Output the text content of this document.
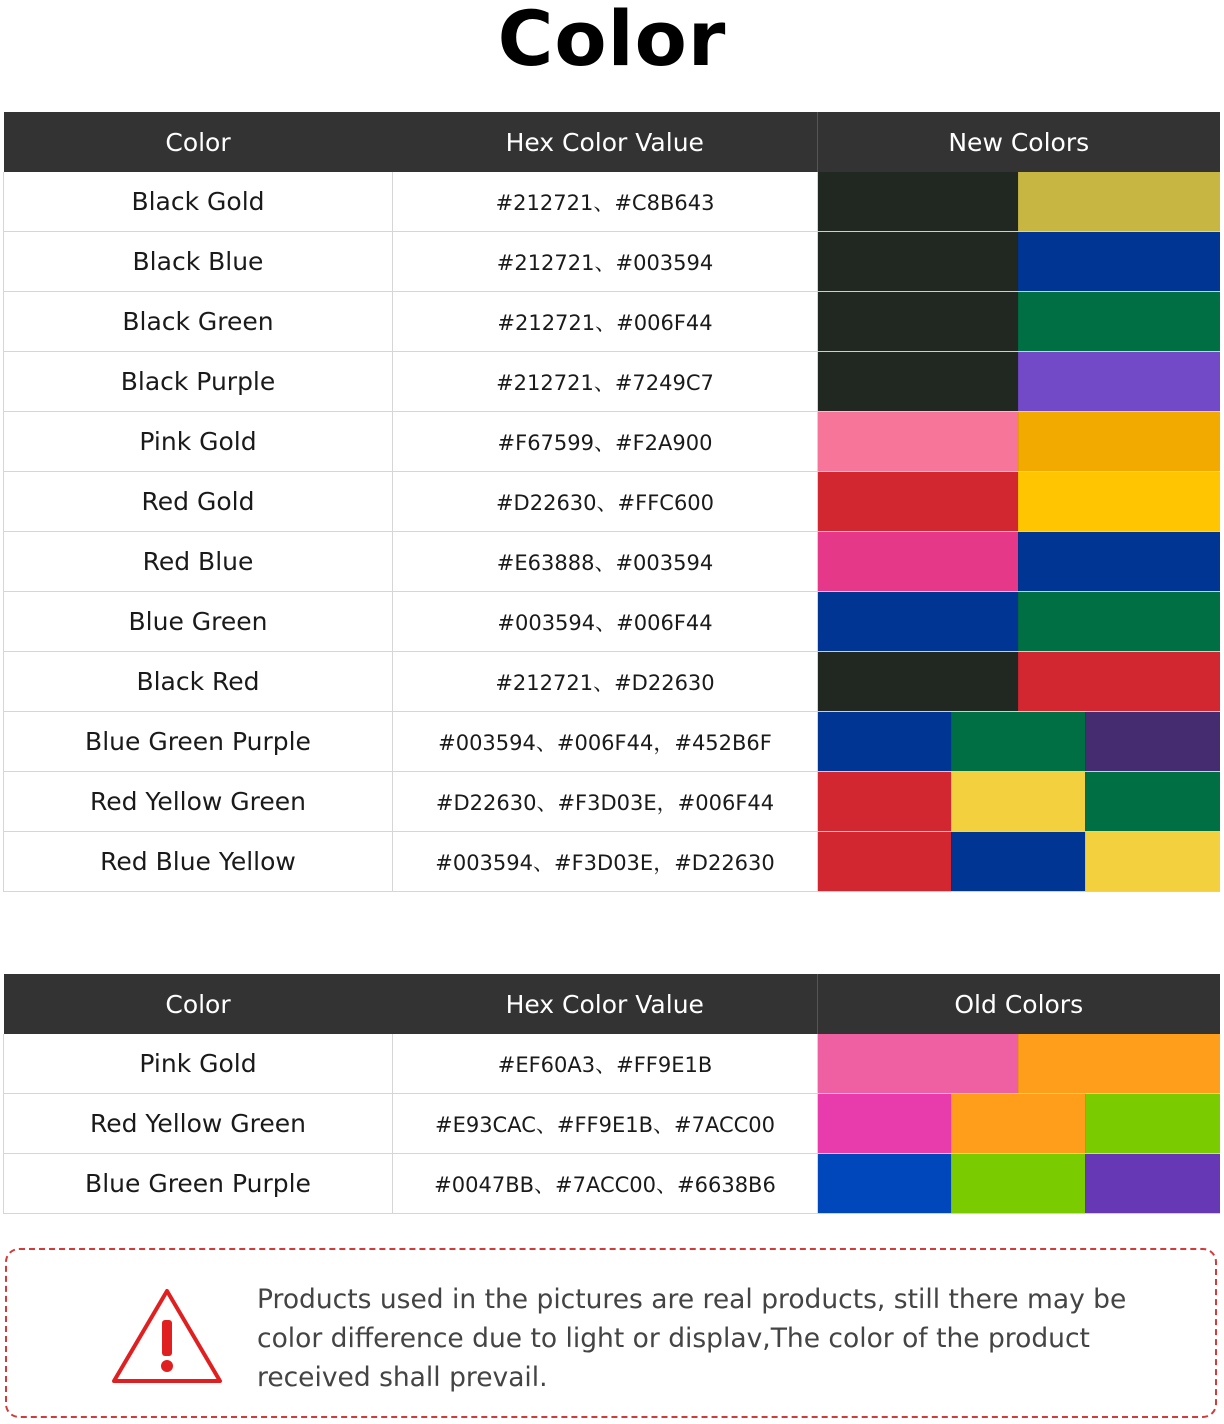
Color
Color	Hex Color Value	New Colors
Black Gold	#212721、#C8B643	

Black Blue	#212721、#003594	

Black Green	#212721、#006F44	

Black Purple	#212721、#7249C7	

Pink Gold	#F67599、#F2A900	

Red Gold	#D22630、#FFC600	

Red Blue	#E63888、#003594	

Blue Green	#003594、#006F44	

Black Red	#212721、#D22630	

Blue Green Purple	#003594、#006F44，#452B6F	

Red Yellow Green	#D22630、#F3D03E，#006F44	

Red Blue Yellow	#003594、#F3D03E，#D22630	
Color	Hex Color Value	Old Colors
Pink Gold	#EF60A3、#FF9E1B	

Red Yellow Green	#E93CAC、#FF9E1B、#7ACC00	

Blue Green Purple	#0047BB、#7ACC00、#6638B6	
Products used in the pictures are real products, still there may be color difference due to light or displav,The color of the product received shall prevail.
